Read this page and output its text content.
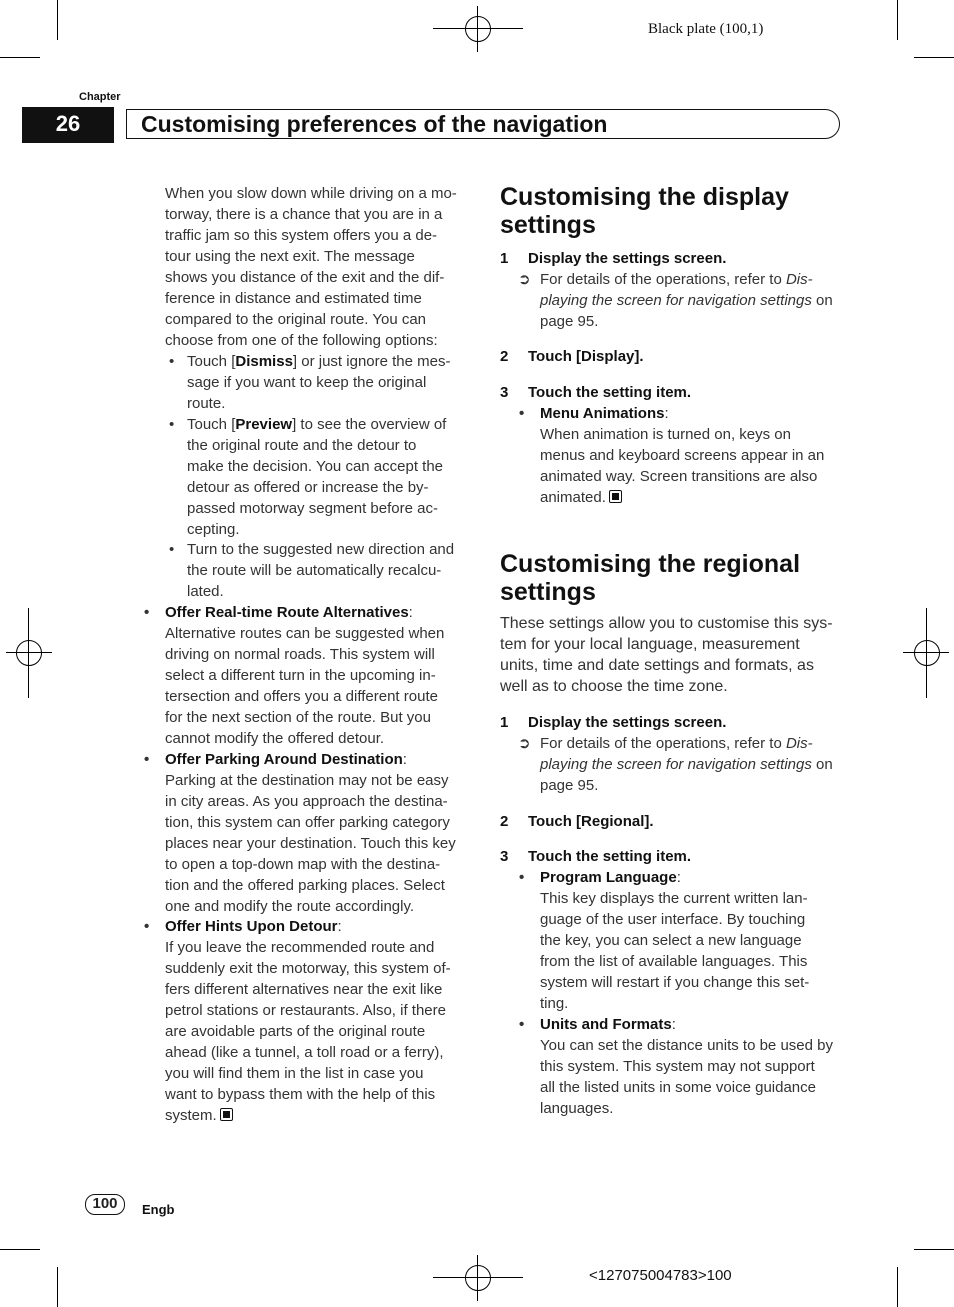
Black plate (100,1)
Chapter
26	Customising preferences of the navigation
When you slow down while driving on a mo-
torway, there is a chance that you are in a
traffic jam so this system offers you a de-
tour using the next exit. The message
shows you distance of the exit and the dif-
ference in distance and estimated time
compared to the original route. You can
choose from one of the following options:
• Touch [Dismiss] or just ignore the mes-
sage if you want to keep the original
route.
• Touch [Preview] to see the overview of
the original route and the detour to
make the decision. You can accept the
detour as offered or increase the by-
passed motorway segment before ac-
cepting.
• Turn to the suggested new direction and
the route will be automatically recalcu-
lated.
• Offer Real-time Route Alternatives:
Alternative routes can be suggested when
driving on normal roads. This system will
select a different turn in the upcoming in-
tersection and offers you a different route
for the next section of the route. But you
cannot modify the offered detour.
• Offer Parking Around Destination:
Parking at the destination may not be easy
in city areas. As you approach the destina-
tion, this system can offer parking category
places near your destination. Touch this key
to open a top-down map with the destina-
tion and the offered parking places. Select
one and modify the route accordingly.
• Offer Hints Upon Detour:
If you leave the recommended route and
suddenly exit the motorway, this system of-
fers different alternatives near the exit like
petrol stations or restaurants. Also, if there
are avoidable parts of the original route
ahead (like a tunnel, a toll road or a ferry),
you will find them in the list in case you
want to bypass them with the help of this
system.
Customising the display
settings
1 Display the settings screen.
➲ For details of the operations, refer to Dis-
playing the screen for navigation settings on
page 95.
2 Touch [Display].
3 Touch the setting item.
• Menu Animations:
When animation is turned on, keys on
menus and keyboard screens appear in an
animated way. Screen transitions are also
animated.
Customising the regional
settings
These settings allow you to customise this sys-
tem for your local language, measurement
units, time and date settings and formats, as
well as to choose the time zone.
1 Display the settings screen.
➲ For details of the operations, refer to Dis-
playing the screen for navigation settings on
page 95.
2 Touch [Regional].
3 Touch the setting item.
• Program Language:
This key displays the current written lan-
guage of the user interface. By touching
the key, you can select a new language
from the list of available languages. This
system will restart if you change this set-
ting.
• Units and Formats:
You can set the distance units to be used by
this system. This system may not support
all the listed units in some voice guidance
languages.
100	Engb
<127075004783>100
